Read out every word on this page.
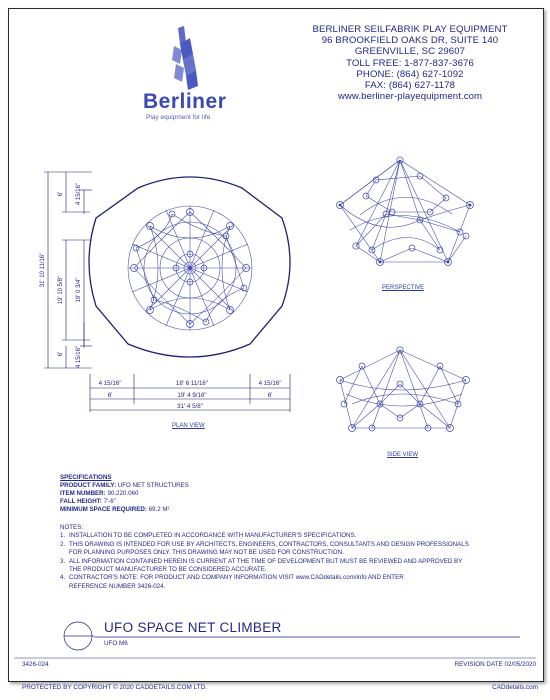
Berliner
Play equipment for life
BERLINER SEILFABRIK PLAY EQUIPMENT
96 BROOKFIELD OAKS DR, SUITE 140
GREENVILLE, SC 29607
TOLL FREE: 1-877-837-3676
PHONE: (864) 627-1092
FAX: (864) 627-1178
www.berliner-playequipment.com
6' 4 15/16"
19' 10 5/8" 19' 0 3/4"
6' 4 15/16"
31' 10 11/16"
4 15/16"	18' 6 11/16"	4 15/16"
6'	19' 4 9/16"	6'
31' 4 5/8"
PLAN VIEW
PERSPECTIVE
SIDE VIEW
SPECIFICATIONS
PRODUCT FAMILY: UFO NET STRUCTURES
ITEM NUMBER: 90.220.060
FALL HEIGHT: 7'-6"
MINIMUM SPACE REQUIRED: 69.2 M²
NOTES:
1. INSTALLATION TO BE COMPLETED IN ACCORDANCE WITH MANUFACTURER'S SPECIFICATIONS.
2. THIS DRAWING IS INTENDED FOR USE BY ARCHITECTS, ENGINEERS, CONTRACTORS, CONSULTANTS AND DESIGN PROFESSIONALS
FOR PLANNING PURPOSES ONLY. THIS DRAWING MAY NOT BE USED FOR CONSTRUCTION.
3. ALL INFORMATION CONTAINED HEREIN IS CURRENT AT THE TIME OF DEVELOPMENT BUT MUST BE REVIEWED AND APPROVED BY
THE PRODUCT MANUFACTURER TO BE CONSIDERED ACCURATE.
4. CONTRACTOR'S NOTE: FOR PRODUCT AND COMPANY INFORMATION VISIT www.CADdetails.com/info AND ENTER
REFERENCE NUMBER 3426-024.
UFO SPACE NET CLIMBER
UFO M6
3426-024	REVISION DATE 02/05/2020
PROTECTED BY COPYRIGHT © 2020 CADDETAILS.COM LTD.	CADdetails.com
